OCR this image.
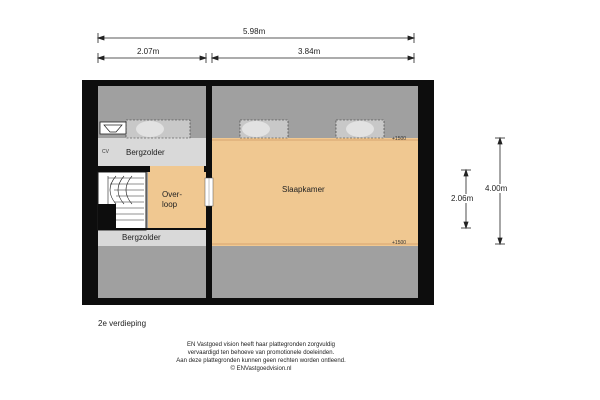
5.98m
2.07m	3.84m
4.00m
2.06m
Bergzolder
Bergzolder
Over-
loop
Slaapkamer
CV
+1500
+1500
2e verdieping
EN Vastgoed vision heeft haar plattegronden zorgvuldig
vervaardigd ten behoeve van promotionele doeleinden.
Aan deze plattegronden kunnen geen rechten worden ontleend.
© ENVastgoedvision.nl
